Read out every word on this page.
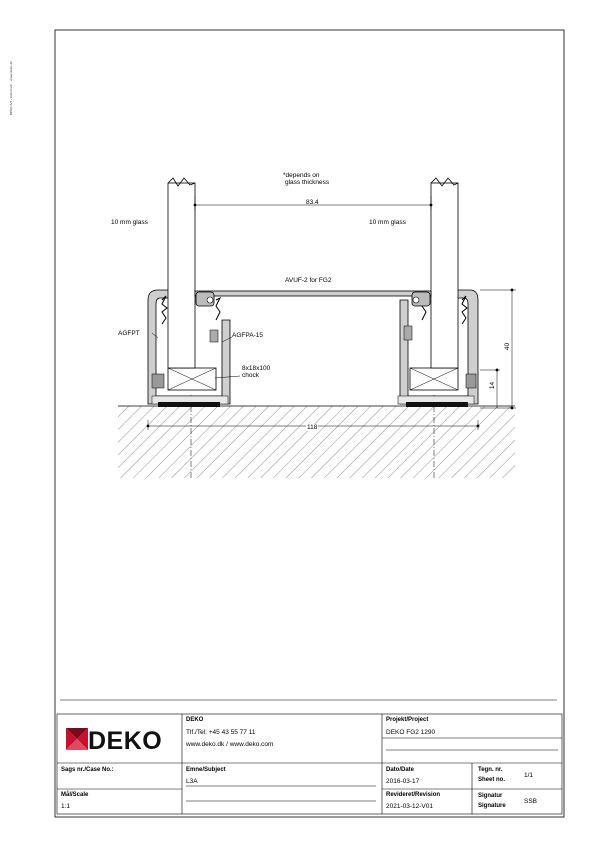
DEKO A/S - Denmark - www.deko.dk
*depends on
glass thickness
83.4
10 mm glass	10 mm glass
AVUF-2 for FG2
AGFPT	AGFPA-15
8x18x100
chock
40
14
118
DEKO
DEKO
Tlf./Tel: +45 43 55 77 11
www.deko.dk / www.deko.com
Projekt/Project
DEKO FG2 1290
Sags nr./Case No.:	Emne/Subject
L3A
Dato/Date
2016-03-17
Tegn. nr.
Sheet no.
1/1
Mål/Scale
1:1
Revideret/Revision
2021-03-12-V01
Signatur
Signature
SSB
